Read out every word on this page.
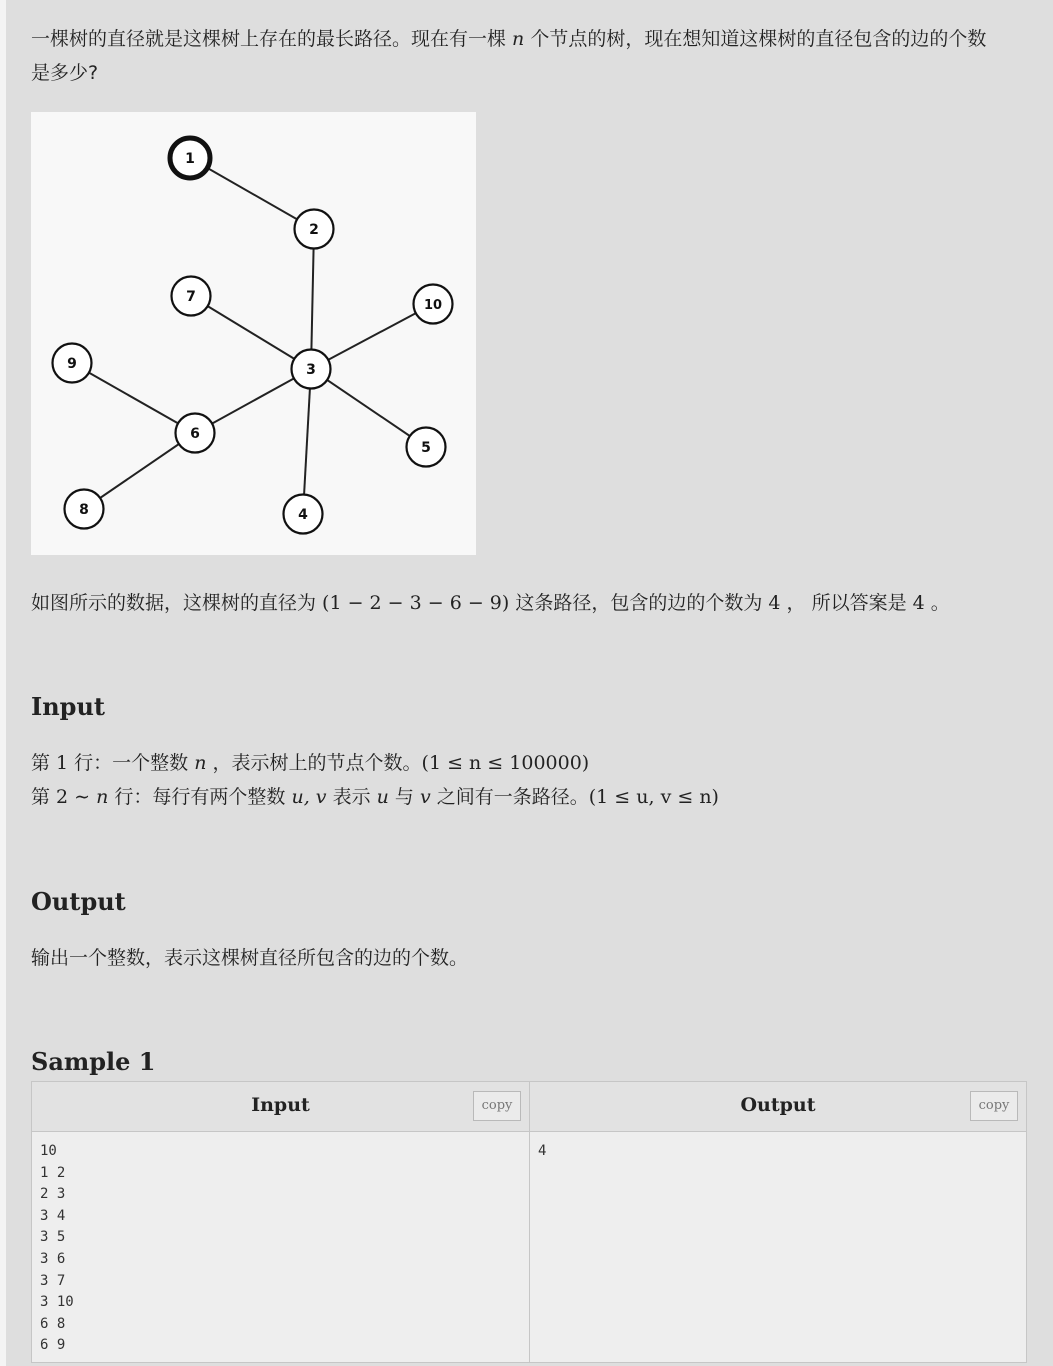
一棵树的直径就是这棵树上存在的最长路径。现在有一棵 n 个节点的树，现在想知道这棵树的直径包含的边的个数
是多少?
1
2
3
4
5
6
7
8
9
10
如图所示的数据，这棵树的直径为 (1 − 2 − 3 − 6 − 9) 这条路径，包含的边的个数为 4 ， 所以答案是 4 。
Input
第 1 行：一个整数 n ，表示树上的节点个数。(1 ≤ n ≤ 100000)
第 2 ∼ n 行：每行有两个整数 u, v 表示 u 与 v 之间有一条路径。(1 ≤ u, v ≤ n)
Output
输出一个整数，表示这棵树直径所包含的边的个数。
Sample 1
Input	copy
10
1 2
2 3
3 4
3 5
3 6
3 7
3 10
6 8
6 9
Output	copy
4
